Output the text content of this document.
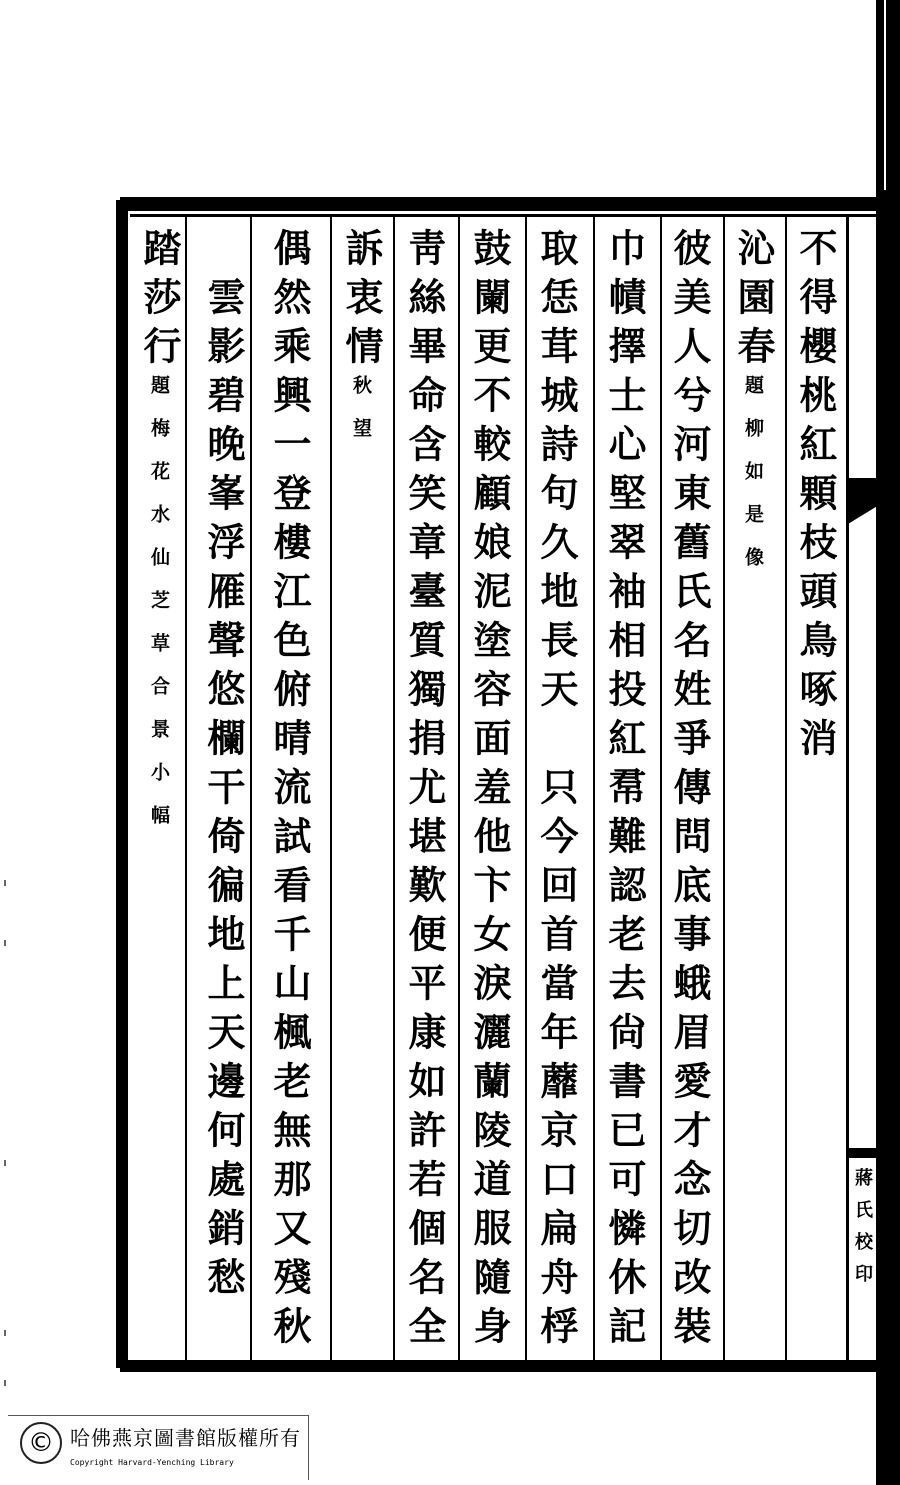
蔣氏校印
不得櫻桃紅顆枝頭鳥啄消
沁園春題柳如是像
彼美人兮河東舊氏名姓爭傳問底事蛾眉愛才念切改裝
巾幘擇士心堅翠袖相投紅帬難認老去尙書已可憐休記
取恁茸城詩句久地長天　只今回首當年蘼京口扁舟桴
鼓闌更不較顧娘泥塗容面羞他卞女淚灑蘭陵道服隨身
靑絲畢命含笑章臺質獨捐尤堪歎便平康如許若個名全
訴衷情秋望
偶然乘興一登樓江色俯晴流試看千山楓老無那又殘秋
　雲影碧晚峯浮雁聲悠欄干倚徧地上天邊何處銷愁
踏莎行題梅花水仙芝草合景小幅
© 哈佛燕京圖書館版權所有
Copyright Harvard-Yenching Library
